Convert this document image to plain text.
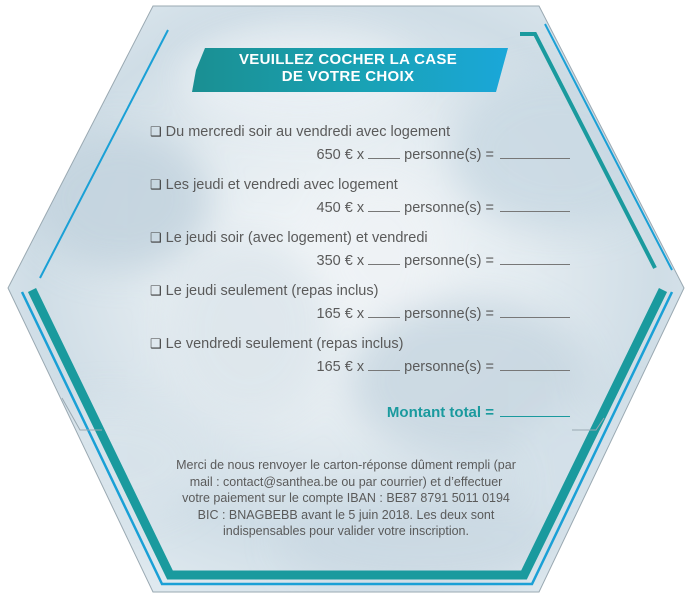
VEUILLEZ COCHER LA CASE
DE VOTRE CHOIX
❑ Du mercredi soir au vendredi avec logement
650 € x	personne(s) =
❑ Les jeudi et vendredi avec logement
450 € x	personne(s) =
❑ Le jeudi soir (avec logement) et vendredi
350 € x	personne(s) =
❑ Le jeudi seulement (repas inclus)
165 € x	personne(s) =
❑ Le vendredi seulement (repas inclus)
165 € x	personne(s) =
Montant total =
Merci de nous renvoyer le carton-réponse dûment rempli (par
mail : contact@santhea.be ou par courrier) et d’effectuer
votre paiement sur le compte IBAN : BE87 8791 5011 0194
BIC : BNAGBEBB avant le 5 juin 2018. Les deux sont
indispensables pour valider votre inscription.
